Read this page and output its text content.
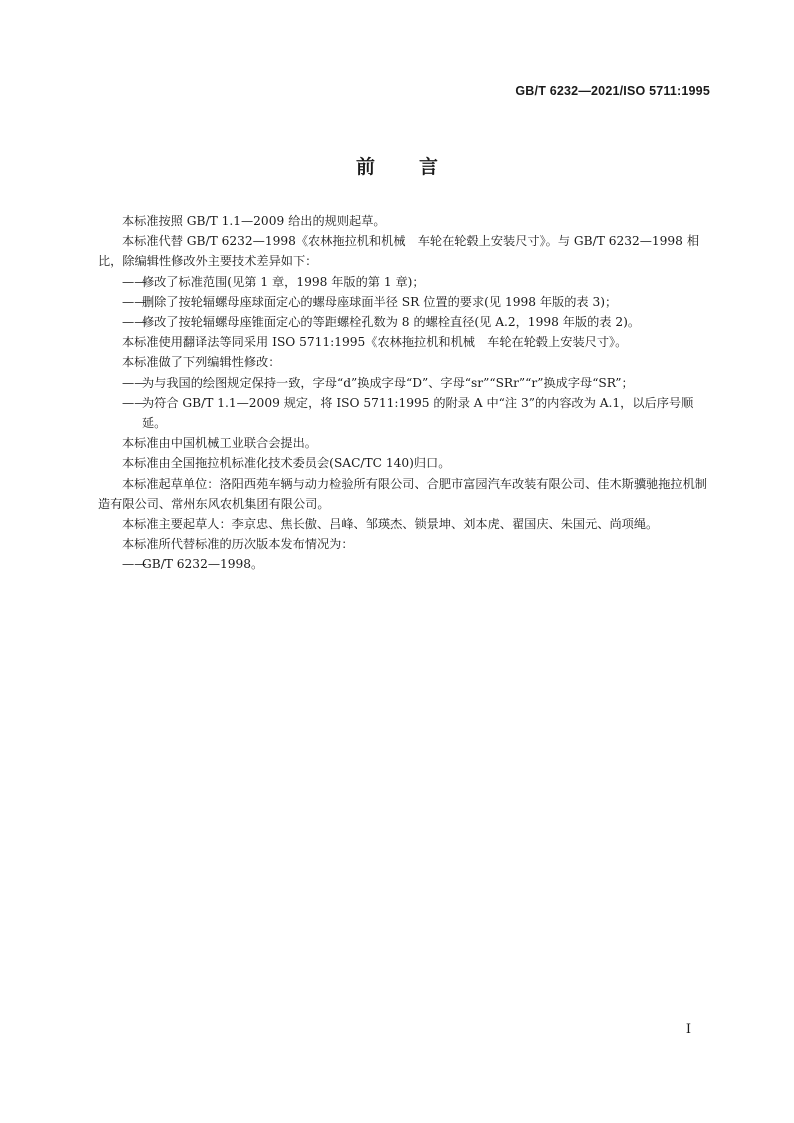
GB/T 6232—2021/ISO 5711:1995
前 言

本标准按照 GB/T 1.1—2009 给出的规则起草。

本标准代替 GB/T 6232—1998《农林拖拉机和机械　车轮在轮毂上安装尺寸》。与 GB/T 6232—1998 相比，除编辑性修改外主要技术差异如下：

——修改了标准范围(见第 1 章，1998 年版的第 1 章)；

——删除了按轮辐螺母座球面定心的螺母座球面半径 SR 位置的要求(见 1998 年版的表 3)；

——修改了按轮辐螺母座锥面定心的等距螺栓孔数为 8 的螺栓直径(见 A.2，1998 年版的表 2)。

本标准使用翻译法等同采用 ISO 5711:1995《农林拖拉机和机械　车轮在轮毂上安装尺寸》。

本标准做了下列编辑性修改：

——为与我国的绘图规定保持一致，字母“d”换成字母“D”、字母“sr”“SRr”“r”换成字母“SR”；

——为符合 GB/T 1.1—2009 规定，将 ISO 5711:1995 的附录 A 中“注 3”的内容改为 A.1，以后序号顺延。

本标准由中国机械工业联合会提出。

本标准由全国拖拉机标准化技术委员会(SAC/TC 140)归口。

本标准起草单位：洛阳西苑车辆与动力检验所有限公司、合肥市富园汽车改装有限公司、佳木斯骥驰拖拉机制造有限公司、常州东风农机集团有限公司。

本标准主要起草人：李京忠、焦长傲、吕峰、邹瑛杰、锁景坤、刘本虎、翟国庆、朱国元、尚项绳。

本标准所代替标准的历次版本发布情况为：

——GB/T 6232—1998。

I
